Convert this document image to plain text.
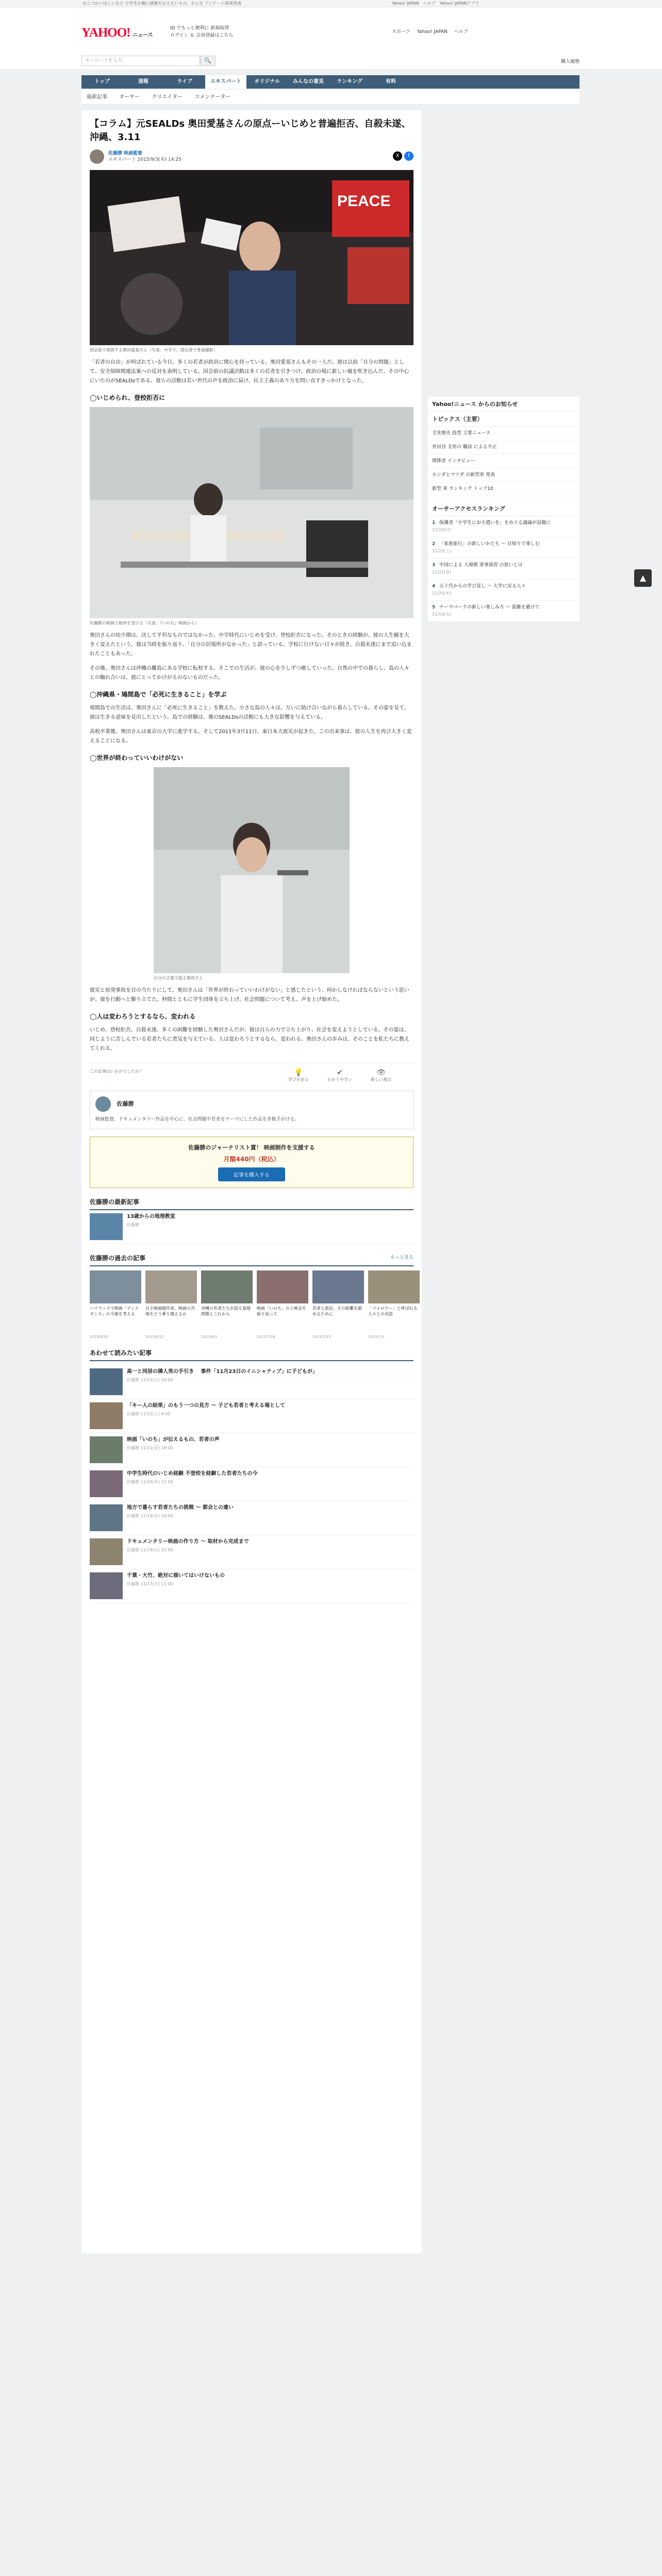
おこづかいほしいなど 小学生が親に感謝を伝えたいもの、そんな アンケート結果発表	Yahoo! JAPAN　ヘルプ　Yahoo! JAPANアプリ
YAHOO! ニュース
ID でもっと便利に 新規取得
ログイン ＆ 会員登録はこちら
スポーツ Yahoo! JAPAN ヘルプ
キーワードを入力	🔍	購入履歴
トップ	速報	ライブ	エキスパート	オリジナル	みんなの意見	ランキング	有料
最新記事 オーサー クリエイター コメンテーター
【コラム】元SEALDs 奥田愛基さんの原点ーいじめと普遍拒否、自殺未遂、沖縄、3.11
佐藤勝 映画監督
エキスパート 2015/9/3(木) 14:25
X f
PEACE
国会前で演説する奥田愛基さん（写真：中学で、提出者で普通撮影）

「若者の自由」が叫ばれている今日、多くの若者が政治に関心を持っている。奥田愛基さんもその一人だ。彼は以前「自分の問題」として、安全保障関連法案への反対を表明している。国会前の抗議活動は多くの若者を引きつけ、政治の場に新しい風を吹き込んだ。その中心にいたのがSEALDsである。彼らの活動は若い世代の声を政治に届け、民主主義のあり方を問い直すきっかけとなった。

◯いじめられ、登校拒否に
佐藤勝の映画で取材を受ける（写真：『いのち』映画から）

奥田さんの幼少期は、決して平坦なものではなかった。中学時代にいじめを受け、登校拒否になった。そのときの経験が、彼の人生観を大きく変えたという。彼は当時を振り返り、「自分の居場所がなかった」と語っている。学校に行けない日々が続き、自殺未遂にまで追い込まれたこともあった。

その後、奥田さんは沖縄の離島にある学校に転校する。そこでの生活が、彼の心を少しずつ癒していった。自然の中での暮らし、島の人々との触れ合いは、彼にとってかけがえのないものだった。

◯沖縄県・鳩間島で「必死に生きること」を学ぶ

鳩間島での生活は、奥田さんに「必死に生きること」を教えた。小さな島の人々は、互いに助け合いながら暮らしている。その姿を見て、彼は生きる意味を見出したという。島での経験は、後のSEALDsの活動にも大きな影響を与えている。

高校卒業後、奥田さんは東京の大学に進学する。そして2011年3月11日、東日本大震災が起きた。この出来事は、彼の人生を再び大きく変えることになる。

◯世界が終わっていいわけがない
自分の言葉で語る奥田さん

震災と原発事故を目の当たりにして、奥田さんは「世界が終わっていいわけがない」と感じたという。何かしなければならないという思いが、彼を行動へと駆り立てた。仲間とともに学生団体を立ち上げ、社会問題について考え、声を上げ始めた。

◯人は変わろうとするなら、変われる

いじめ、登校拒否、自殺未遂。多くの困難を経験した奥田さんだが、彼は自らの力で立ち上がり、社会を変えようとしている。その姿は、同じように苦しんでいる若者たちに勇気を与えている。人は変わろうとするなら、変われる。奥田さんの歩みは、そのことを私たちに教えてくれる。

この記事はいかがでしたか？	💡
学びがある
✔
わかりやすい
👁
新しい視点
佐藤勝

映画監督。ドキュメンタリー作品を中心に、社会問題や若者をテーマにした作品を多数手がける。

佐藤勝のジャーナリスト賞！ 映画制作を支援する
月額440円（税込）
記事を購入する
佐藤勝の最新記事
13歳からの地理教室
佐藤勝
佐藤勝の過去の記事	もっと見る
ハリウッドで映画「ディスタンス」の今後を考える
2015/8/20
自主映画制作者、映画の苦境をどう乗り越えるか
2015/8/12
沖縄の若者たちが語る基地問題とこれから
2015/8/1
映画「いのち」の上映会を振り返って
2015/7/24
若者と政治、その距離を縮めるために
2015/7/15
「フォロワー」と呼ばれる人々との対話
2015/7/3
あわせて読みたい記事
高一と同居の隣人男の手引き　 事件「11月23日のイニシャティブ」に子どもが」
佐藤勝 11/23(日) 14:00
「キー人の結果」のもう一つの見方 ～ 子ども若者と考える場として
佐藤勝 11/22(土) 9:00
映画「いのち」が伝えるもの、若者の声
佐藤勝 11/21(金) 18:00
中学生時代のいじめ経験 不登校を経験した若者たちの今
佐藤勝 11/20(木) 12:00
地方で暮らす若者たちの挑戦 ～ 都会との違い
佐藤勝 11/19(水) 10:00
ドキュメンタリー映画の作り方 ～ 取材から完成まで
佐藤勝 11/18(火) 15:00
千葉・大竹、絶対に描いてはいけないもの
佐藤勝 11/17(月) 11:00
Yahoo!ニュース からのお知らせ
トピックス（主要）
全米歴史 投票 主要ニュース
世田谷 支所の 職員 による不正
関係者 インタビュー
ホンダとマツダ の新型車 発表
新型 車 ランキング トップ10
オーサーアクセスランキング
1 保護者「小学生にお小遣いを」をめぐる議論が話題に
11/23(日)
2 「家族旅行」の新しいかたち ～ 日帰りで楽しむ
11/22(土)
3 中国による 大規模 軍事演習 の狙いとは
11/21(金)
4 五十代からの学び直し ～ 大学に戻る人々
11/20(木)
5 テーマパークの新しい楽しみ方 ～ 混雑を避けて
11/19(水)
▲
